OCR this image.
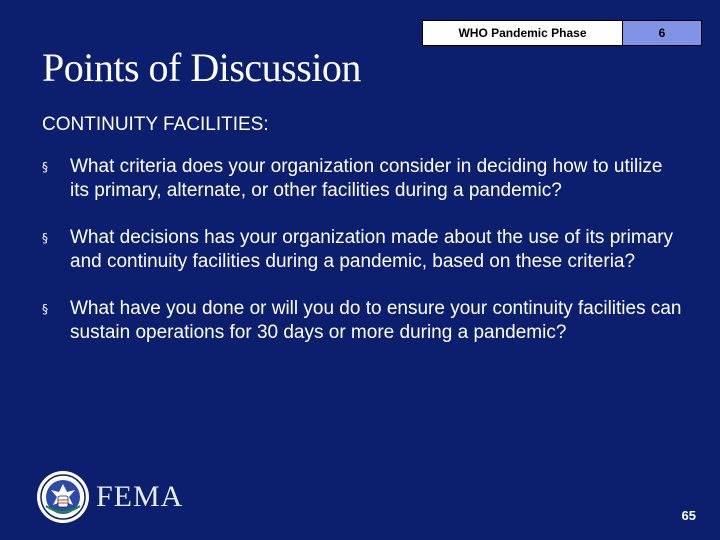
WHO Pandemic Phase	6
Points of Discussion

CONTINUITY FACILITIES:

§	What criteria does your organization consider in deciding how to utilize its primary, alternate, or other facilities during a pandemic?
§	What decisions has your organization made about the use of its primary and continuity facilities during a pandemic, based on these criteria?
§	What have you done or will you do to ensure your continuity facilities can sustain operations for 30 days or more during a pandemic?
FEMA
65
